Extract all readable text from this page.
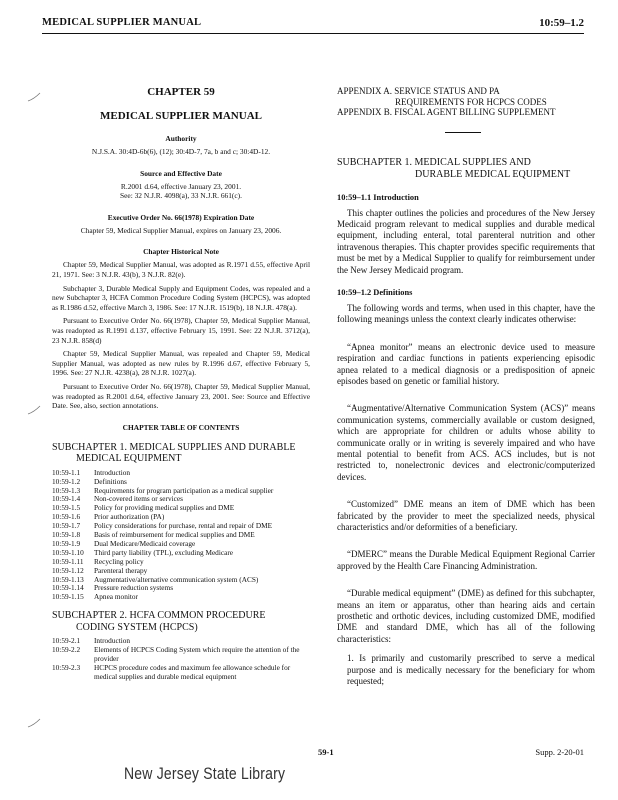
MEDICAL SUPPLIER MANUAL	10:59–1.2
CHAPTER 59
MEDICAL SUPPLIER MANUAL
Authority
N.J.S.A. 30:4D-6b(6), (12); 30:4D-7, 7a, b and c; 30:4D-12.
Source and Effective Date
R.2001 d.64, effective January 23, 2001.
See: 32 N.J.R. 4098(a), 33 N.J.R. 661(c).
Executive Order No. 66(1978) Expiration Date
Chapter 59, Medical Supplier Manual, expires on January 23, 2006.
Chapter Historical Note

Chapter 59, Medical Supplier Manual, was adopted as R.1971 d.55, effective April 21, 1971. See: 3 N.J.R. 43(b), 3 N.J.R. 82(e).

Subchapter 3, Durable Medical Supply and Equipment Codes, was repealed and a new Subchapter 3, HCFA Common Procedure Coding System (HCPCS), was adopted as R.1986 d.52, effective March 3, 1986. See: 17 N.J.R. 1519(b), 18 N.J.R. 478(a).

Pursuant to Executive Order No. 66(1978), Chapter 59, Medical Supplier Manual, was readopted as R.1991 d.137, effective February 15, 1991. See: 22 N.J.R. 3712(a), 23 N.J.R. 858(d)

Chapter 59, Medical Supplier Manual, was repealed and Chapter 59, Medical Supplier Manual, was adopted as new rules by R.1996 d.67, effective February 5, 1996. See: 27 N.J.R. 4238(a), 28 N.J.R. 1027(a).

Pursuant to Executive Order No. 66(1978), Chapter 59, Medical Supplier Manual, was readopted as R.2001 d.64, effective January 23, 2001. See: Source and Effective Date. See, also, section annotations.

CHAPTER TABLE OF CONTENTS
SUBCHAPTER 1. MEDICAL SUPPLIES AND DURABLE
MEDICAL EQUIPMENT
10:59-1.1	Introduction
10:59-1.2	Definitions
10:59-1.3	Requirements for program participation as a medical supplier
10:59-1.4	Non-covered items or services
10:59-1.5	Policy for providing medical supplies and DME
10:59-1.6	Prior authorization (PA)
10:59-1.7	Policy considerations for purchase, rental and repair of DME
10:59-1.8	Basis of reimbursement for medical supplies and DME
10:59-1.9	Dual Medicare/Medicaid coverage
10:59-1.10	Third party liability (TPL), excluding Medicare
10:59-1.11	Recycling policy
10:59-1.12	Parenteral therapy
10:59-1.13	Augmentative/alternative communication system (ACS)
10:59-1.14	Pressure reduction systems
10:59-1.15	Apnea monitor
SUBCHAPTER 2. HCFA COMMON PROCEDURE
CODING SYSTEM (HCPCS)
10:59-2.1	Introduction
10:59-2.2	Elements of HCPCS Coding System which require the attention of the provider
10:59-2.3	HCPCS procedure codes and maximum fee allowance schedule for medical supplies and durable medical equipment
APPENDIX A. SERVICE STATUS AND PA
REQUIREMENTS FOR HCPCS CODES
APPENDIX B. FISCAL AGENT BILLING SUPPLEMENT
SUBCHAPTER 1. MEDICAL SUPPLIES AND
DURABLE MEDICAL EQUIPMENT
10:59–1.1 Introduction

This chapter outlines the policies and procedures of the New Jersey Medicaid program relevant to medical supplies and durable medical equipment, including enteral, total parenteral nutrition and other intravenous therapies. This chapter provides specific requirements that must be met by a Medical Supplier to qualify for reimbursement under the New Jersey Medicaid program.

10:59–1.2 Definitions

The following words and terms, when used in this chapter, have the following meanings unless the context clearly indicates otherwise:

“Apnea monitor” means an electronic device used to measure respiration and cardiac functions in patients experiencing episodic apnea related to a medical diagnosis or a predisposition of apneic episodes based on genetic or familial history.

“Augmentative/Alternative Communication System (ACS)” means communication systems, commercially available or custom designed, which are appropriate for children or adults whose ability to communicate orally or in writing is severely impaired and who have mental potential to benefit from ACS. ACS includes, but is not restricted to, nonelectronic devices and electronic/computerized devices.

“Customized” DME means an item of DME which has been fabricated by the provider to meet the specialized needs, physical characteristics and/or deformities of a beneficiary.

“DMERC” means the Durable Medical Equipment Regional Carrier approved by the Health Care Financing Administration.

“Durable medical equipment” (DME) as defined for this subchapter, means an item or apparatus, other than hearing aids and certain prosthetic and orthotic devices, including customized DME, modified DME and standard DME, which has all of the following characteristics:

1. Is primarily and customarily prescribed to serve a medical purpose and is medically necessary for the beneficiary for whom requested;

59-1	Supp. 2-20-01
New Jersey State Library
